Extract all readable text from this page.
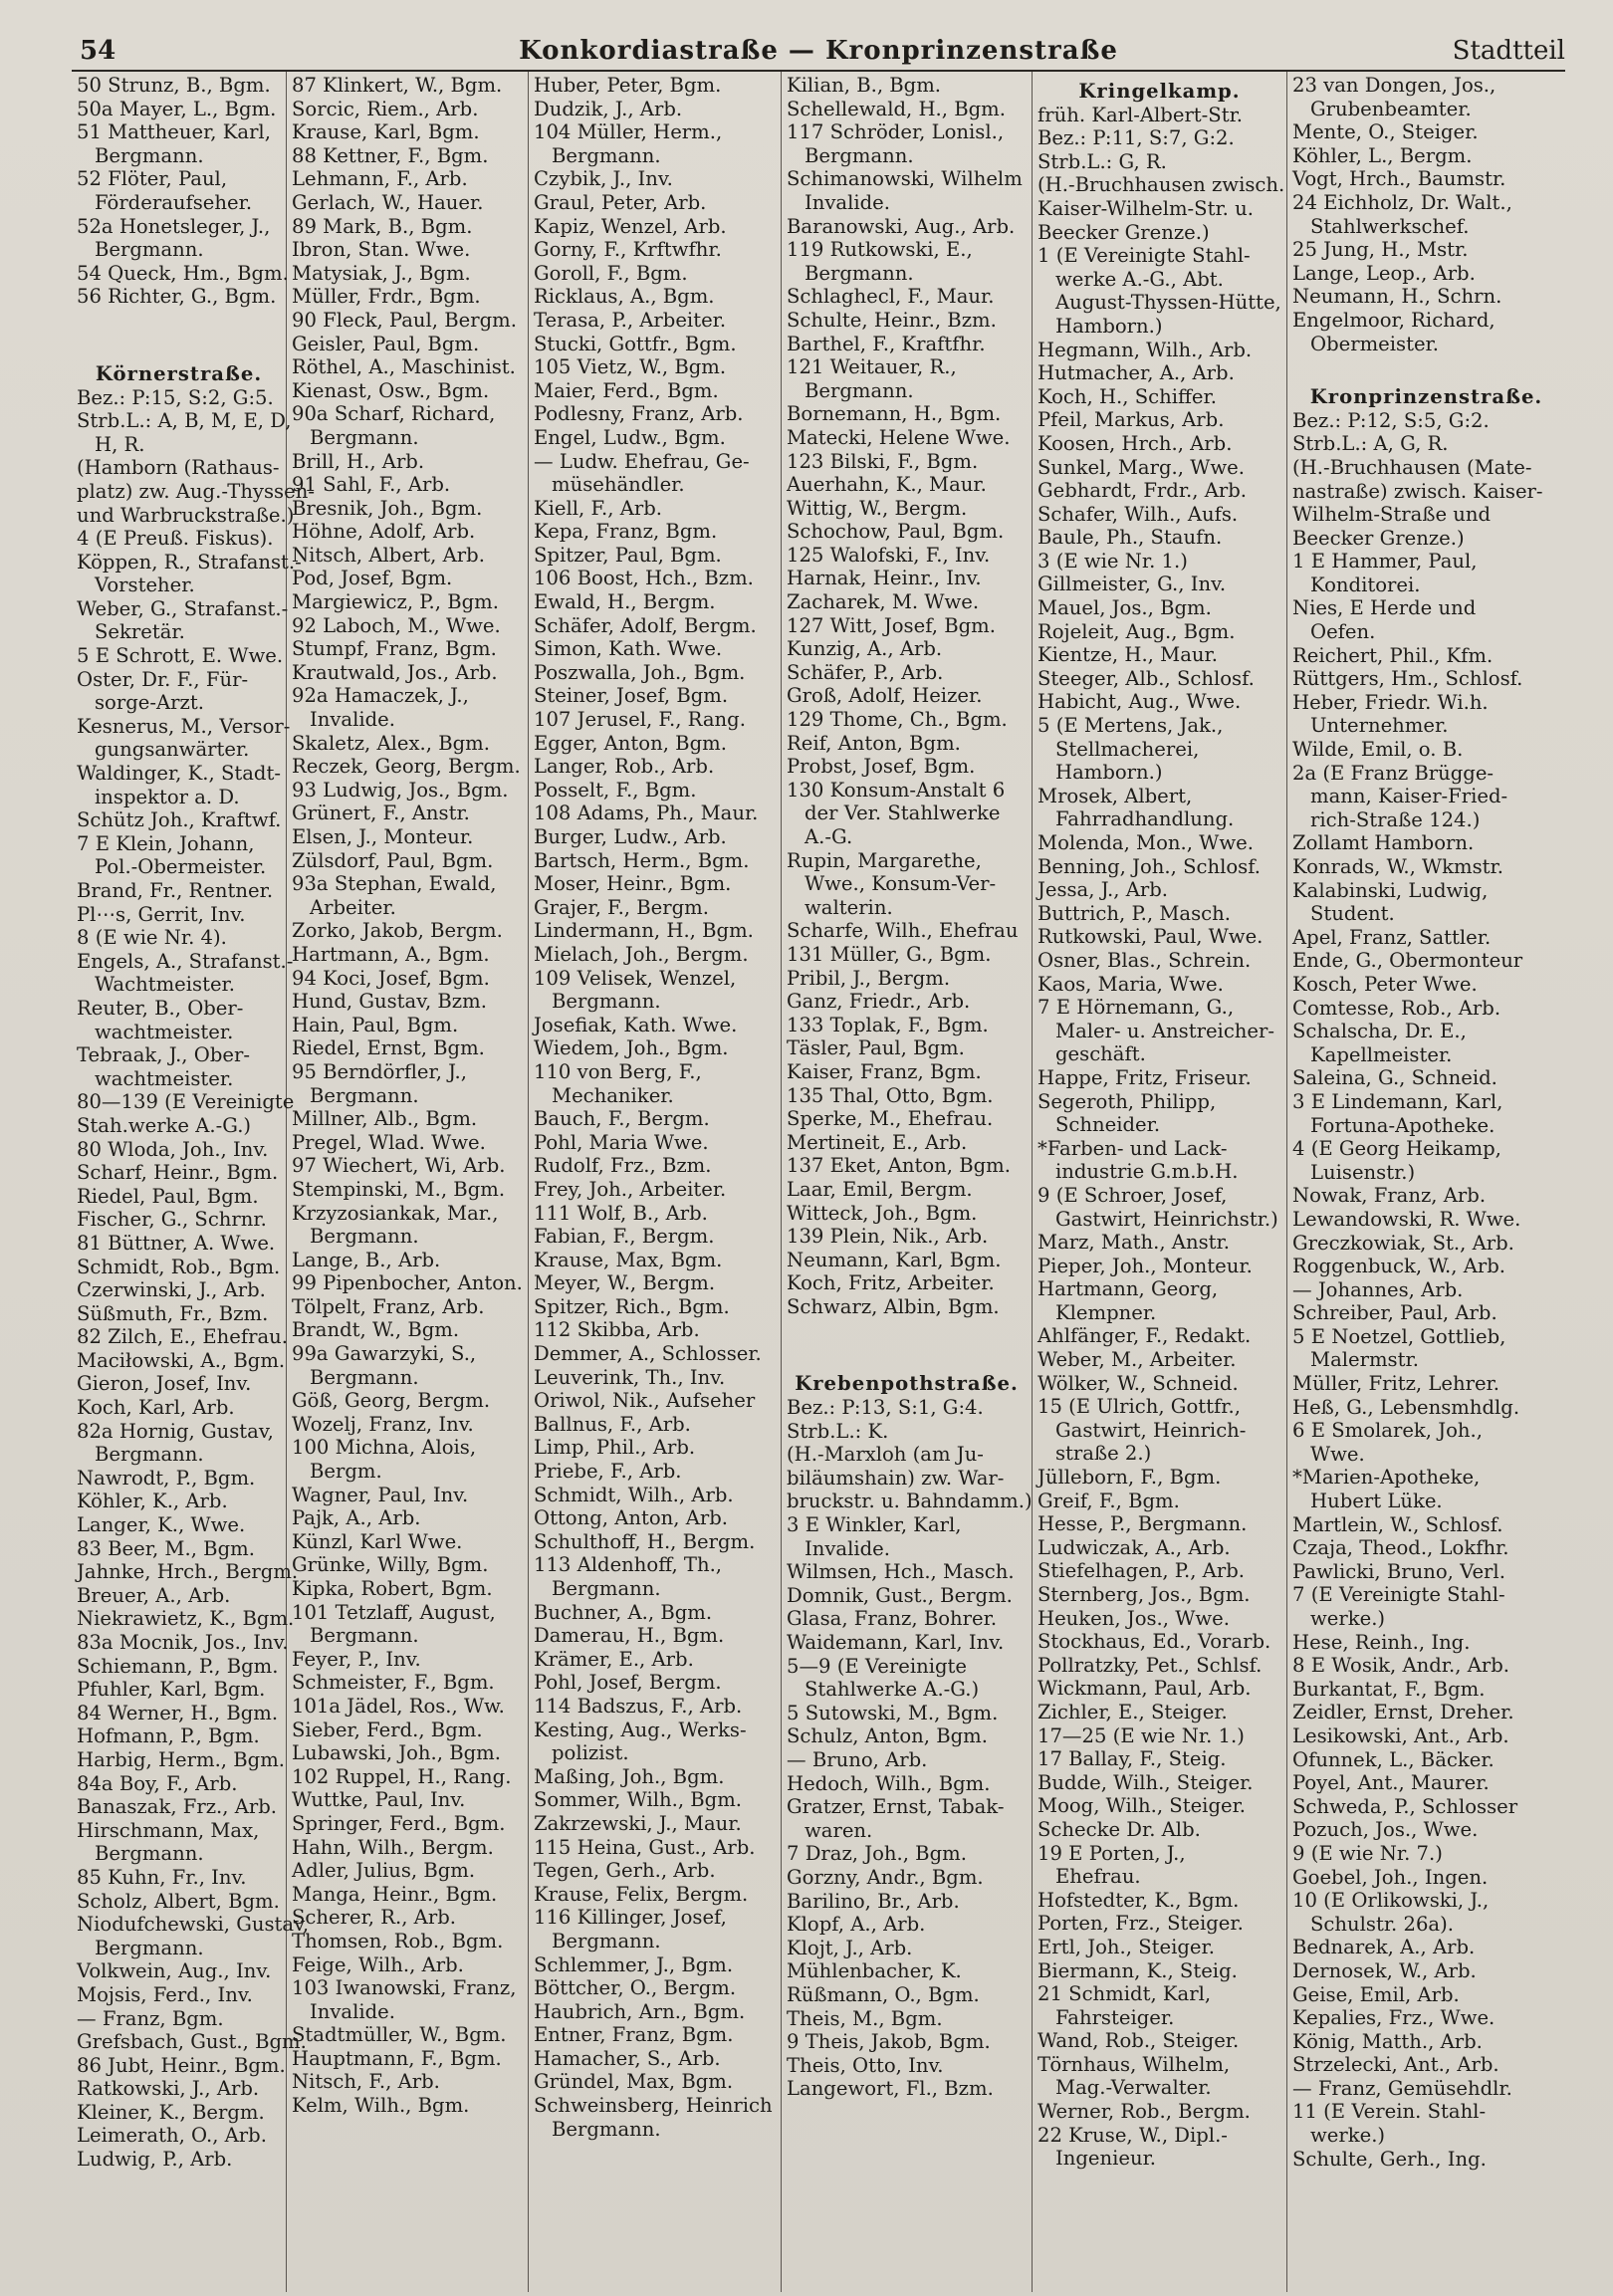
54	Konkordiastraße — Kronprinzenstraße	Stadtteil
50 Strunz, B., Bgm.
50a Mayer, L., Bgm.
51 Mattheuer, Karl,
Bergmann.
52 Flöter, Paul,
Förderaufseher.
52a Honetsleger, J.,
Bergmann.
54 Queck, Hm., Bgm.
56 Richter, G., Bgm.
Körnerstraße.
Bez.: P:15, S:2, G:5.
Strb.L.: A, B, M, E, D,
H, R.
(Hamborn (Rathaus-
platz) zw. Aug.-Thyssen-
und Warbruckstraße.)
4 (E Preuß. Fiskus).
Köppen, R., Strafanst.-
Vorsteher.
Weber, G., Strafanst.-
Sekretär.
5 E Schrott, E. Wwe.
Oster, Dr. F., Für-
sorge-Arzt.
Kesnerus, M., Versor-
gungsanwärter.
Waldinger, K., Stadt-
inspektor a. D.
Schütz Joh., Kraftwf.
7 E Klein, Johann,
Pol.-Obermeister.
Brand, Fr., Rentner.
Pl⋯s, Gerrit, Inv.
8 (E wie Nr. 4).
Engels, A., Strafanst.-
Wachtmeister.
Reuter, B., Ober-
wachtmeister.
Tebraak, J., Ober-
wachtmeister.
80—139 (E Vereinigte
Stah.werke A.-G.)
80 Wloda, Joh., Inv.
Scharf, Heinr., Bgm.
Riedel, Paul, Bgm.
Fischer, G., Schrnr.
81 Büttner, A. Wwe.
Schmidt, Rob., Bgm.
Czerwinski, J., Arb.
Süßmuth, Fr., Bzm.
82 Zilch, E., Ehefrau.
Maciłowski, A., Bgm.
Gieron, Josef, Inv.
Koch, Karl, Arb.
82a Hornig, Gustav,
Bergmann.
Nawrodt, P., Bgm.
Köhler, K., Arb.
Langer, K., Wwe.
83 Beer, M., Bgm.
Jahnke, Hrch., Bergm.
Breuer, A., Arb.
Niekrawietz, K., Bgm.
83a Mocnik, Jos., Inv.
Schiemann, P., Bgm.
Pfuhler, Karl, Bgm.
84 Werner, H., Bgm.
Hofmann, P., Bgm.
Harbig, Herm., Bgm.
84a Boy, F., Arb.
Banaszak, Frz., Arb.
Hirschmann, Max,
Bergmann.
85 Kuhn, Fr., Inv.
Scholz, Albert, Bgm.
Niodufchewski, Gustav,
Bergmann.
Volkwein, Aug., Inv.
Mojsis, Ferd., Inv.
— Franz, Bgm.
Grefsbach, Gust., Bgm.
86 Jubt, Heinr., Bgm.
Ratkowski, J., Arb.
Kleiner, K., Bergm.
Leimerath, O., Arb.
Ludwig, P., Arb.
87 Klinkert, W., Bgm.
Sorcic, Riem., Arb.
Krause, Karl, Bgm.
88 Kettner, F., Bgm.
Lehmann, F., Arb.
Gerlach, W., Hauer.
89 Mark, B., Bgm.
Ibron, Stan. Wwe.
Matysiak, J., Bgm.
Müller, Frdr., Bgm.
90 Fleck, Paul, Bergm.
Geisler, Paul, Bgm.
Röthel, A., Maschinist.
Kienast, Osw., Bgm.
90a Scharf, Richard,
Bergmann.
Brill, H., Arb.
91 Sahl, F., Arb.
Bresnik, Joh., Bgm.
Höhne, Adolf, Arb.
Nitsch, Albert, Arb.
Pod, Josef, Bgm.
Margiewicz, P., Bgm.
92 Laboch, M., Wwe.
Stumpf, Franz, Bgm.
Krautwald, Jos., Arb.
92a Hamaczek, J.,
Invalide.
Skaletz, Alex., Bgm.
Reczek, Georg, Bergm.
93 Ludwig, Jos., Bgm.
Grünert, F., Anstr.
Elsen, J., Monteur.
Zülsdorf, Paul, Bgm.
93a Stephan, Ewald,
Arbeiter.
Zorko, Jakob, Bergm.
Hartmann, A., Bgm.
94 Koci, Josef, Bgm.
Hund, Gustav, Bzm.
Hain, Paul, Bgm.
Riedel, Ernst, Bgm.
95 Berndörfler, J.,
Bergmann.
Millner, Alb., Bgm.
Pregel, Wlad. Wwe.
97 Wiechert, Wi, Arb.
Stempinski, M., Bgm.
Krzyzosiankak, Mar.,
Bergmann.
Lange, B., Arb.
99 Pipenbocher, Anton.
Tölpelt, Franz, Arb.
Brandt, W., Bgm.
99a Gawarzyki, S.,
Bergmann.
Göß, Georg, Bergm.
Wozelj, Franz, Inv.
100 Michna, Alois,
Bergm.
Wagner, Paul, Inv.
Pajk, A., Arb.
Künzl, Karl Wwe.
Grünke, Willy, Bgm.
Kipka, Robert, Bgm.
101 Tetzlaff, August,
Bergmann.
Feyer, P., Inv.
Schmeister, F., Bgm.
101a Jädel, Ros., Ww.
Sieber, Ferd., Bgm.
Lubawski, Joh., Bgm.
102 Ruppel, H., Rang.
Wuttke, Paul, Inv.
Springer, Ferd., Bgm.
Hahn, Wilh., Bergm.
Adler, Julius, Bgm.
Manga, Heinr., Bgm.
Scherer, R., Arb.
Thomsen, Rob., Bgm.
Feige, Wilh., Arb.
103 Iwanowski, Franz,
Invalide.
Stadtmüller, W., Bgm.
Hauptmann, F., Bgm.
Nitsch, F., Arb.
Kelm, Wilh., Bgm.
Huber, Peter, Bgm.
Dudzik, J., Arb.
104 Müller, Herm.,
Bergmann.
Czybik, J., Inv.
Graul, Peter, Arb.
Kapiz, Wenzel, Arb.
Gorny, F., Krftwfhr.
Goroll, F., Bgm.
Ricklaus, A., Bgm.
Terasa, P., Arbeiter.
Stucki, Gottfr., Bgm.
105 Vietz, W., Bgm.
Maier, Ferd., Bgm.
Podlesny, Franz, Arb.
Engel, Ludw., Bgm.
— Ludw. Ehefrau, Ge-
müsehändler.
Kiell, F., Arb.
Kepa, Franz, Bgm.
Spitzer, Paul, Bgm.
106 Boost, Hch., Bzm.
Ewald, H., Bergm.
Schäfer, Adolf, Bergm.
Simon, Kath. Wwe.
Poszwalla, Joh., Bgm.
Steiner, Josef, Bgm.
107 Jerusel, F., Rang.
Egger, Anton, Bgm.
Langer, Rob., Arb.
Posselt, F., Bgm.
108 Adams, Ph., Maur.
Burger, Ludw., Arb.
Bartsch, Herm., Bgm.
Moser, Heinr., Bgm.
Grajer, F., Bergm.
Lindermann, H., Bgm.
Mielach, Joh., Bergm.
109 Velisek, Wenzel,
Bergmann.
Josefiak, Kath. Wwe.
Wiedem, Joh., Bgm.
110 von Berg, F.,
Mechaniker.
Bauch, F., Bergm.
Pohl, Maria Wwe.
Rudolf, Frz., Bzm.
Frey, Joh., Arbeiter.
111 Wolf, B., Arb.
Fabian, F., Bergm.
Krause, Max, Bgm.
Meyer, W., Bergm.
Spitzer, Rich., Bgm.
112 Skibba, Arb.
Demmer, A., Schlosser.
Leuverink, Th., Inv.
Oriwol, Nik., Aufseher
Ballnus, F., Arb.
Limp, Phil., Arb.
Priebe, F., Arb.
Schmidt, Wilh., Arb.
Ottong, Anton, Arb.
Schulthoff, H., Bergm.
113 Aldenhoff, Th.,
Bergmann.
Buchner, A., Bgm.
Damerau, H., Bgm.
Krämer, E., Arb.
Pohl, Josef, Bergm.
114 Badszus, F., Arb.
Kesting, Aug., Werks-
polizist.
Maßing, Joh., Bgm.
Sommer, Wilh., Bgm.
Zakrzewski, J., Maur.
115 Heina, Gust., Arb.
Tegen, Gerh., Arb.
Krause, Felix, Bergm.
116 Killinger, Josef,
Bergmann.
Schlemmer, J., Bgm.
Böttcher, O., Bergm.
Haubrich, Arn., Bgm.
Entner, Franz, Bgm.
Hamacher, S., Arb.
Gründel, Max, Bgm.
Schweinsberg, Heinrich
Bergmann.
Kilian, B., Bgm.
Schellewald, H., Bgm.
117 Schröder, Lonisl.,
Bergmann.
Schimanowski, Wilhelm
Invalide.
Baranowski, Aug., Arb.
119 Rutkowski, E.,
Bergmann.
Schlaghecl, F., Maur.
Schulte, Heinr., Bzm.
Barthel, F., Kraftfhr.
121 Weitauer, R.,
Bergmann.
Bornemann, H., Bgm.
Matecki, Helene Wwe.
123 Bilski, F., Bgm.
Auerhahn, K., Maur.
Wittig, W., Bergm.
Schochow, Paul, Bgm.
125 Walofski, F., Inv.
Harnak, Heinr., Inv.
Zacharek, M. Wwe.
127 Witt, Josef, Bgm.
Kunzig, A., Arb.
Schäfer, P., Arb.
Groß, Adolf, Heizer.
129 Thome, Ch., Bgm.
Reif, Anton, Bgm.
Probst, Josef, Bgm.
130 Konsum-Anstalt 6
der Ver. Stahlwerke
A.-G.
Rupin, Margarethe,
Wwe., Konsum-Ver-
walterin.
Scharfe, Wilh., Ehefrau
131 Müller, G., Bgm.
Pribil, J., Bergm.
Ganz, Friedr., Arb.
133 Toplak, F., Bgm.
Täsler, Paul, Bgm.
Kaiser, Franz, Bgm.
135 Thal, Otto, Bgm.
Sperke, M., Ehefrau.
Mertineit, E., Arb.
137 Eket, Anton, Bgm.
Laar, Emil, Bergm.
Witteck, Joh., Bgm.
139 Plein, Nik., Arb.
Neumann, Karl, Bgm.
Koch, Fritz, Arbeiter.
Schwarz, Albin, Bgm.
Krebenpothstraße.
Bez.: P:13, S:1, G:4.
Strb.L.: K.
(H.-Marxloh (am Ju-
biläumshain) zw. War-
bruckstr. u. Bahndamm.)
3 E Winkler, Karl,
Invalide.
Wilmsen, Hch., Masch.
Domnik, Gust., Bergm.
Glasa, Franz, Bohrer.
Waidemann, Karl, Inv.
5—9 (E Vereinigte
Stahlwerke A.-G.)
5 Sutowski, M., Bgm.
Schulz, Anton, Bgm.
— Bruno, Arb.
Hedoch, Wilh., Bgm.
Gratzer, Ernst, Tabak-
waren.
7 Draz, Joh., Bgm.
Gorzny, Andr., Bgm.
Barilino, Br., Arb.
Klopf, A., Arb.
Klojt, J., Arb.
Mühlenbacher, K.
Rüßmann, O., Bgm.
Theis, M., Bgm.
9 Theis, Jakob, Bgm.
Theis, Otto, Inv.
Langewort, Fl., Bzm.
Kringelkamp.
früh. Karl-Albert-Str.
Bez.: P:11, S:7, G:2.
Strb.L.: G, R.
(H.-Bruchhausen zwisch.
Kaiser-Wilhelm-Str. u.
Beecker Grenze.)
1 (E Vereinigte Stahl-
werke A.-G., Abt.
August-Thyssen-Hütte,
Hamborn.)
Hegmann, Wilh., Arb.
Hutmacher, A., Arb.
Koch, H., Schiffer.
Pfeil, Markus, Arb.
Koosen, Hrch., Arb.
Sunkel, Marg., Wwe.
Gebhardt, Frdr., Arb.
Schafer, Wilh., Aufs.
Baule, Ph., Staufn.
3 (E wie Nr. 1.)
Gillmeister, G., Inv.
Mauel, Jos., Bgm.
Rojeleit, Aug., Bgm.
Kientze, H., Maur.
Steeger, Alb., Schlosf.
Habicht, Aug., Wwe.
5 (E Mertens, Jak.,
Stellmacherei,
Hamborn.)
Mrosek, Albert,
Fahrradhandlung.
Molenda, Mon., Wwe.
Benning, Joh., Schlosf.
Jessa, J., Arb.
Buttrich, P., Masch.
Rutkowski, Paul, Wwe.
Osner, Blas., Schrein.
Kaos, Maria, Wwe.
7 E Hörnemann, G.,
Maler- u. Anstreicher-
geschäft.
Happe, Fritz, Friseur.
Segeroth, Philipp,
Schneider.
*Farben- und Lack-
industrie G.m.b.H.
9 (E Schroer, Josef,
Gastwirt, Heinrichstr.)
Marz, Math., Anstr.
Pieper, Joh., Monteur.
Hartmann, Georg,
Klempner.
Ahlfänger, F., Redakt.
Weber, M., Arbeiter.
Wölker, W., Schneid.
15 (E Ulrich, Gottfr.,
Gastwirt, Heinrich-
straße 2.)
Jülleborn, F., Bgm.
Greif, F., Bgm.
Hesse, P., Bergmann.
Ludwiczak, A., Arb.
Stiefelhagen, P., Arb.
Sternberg, Jos., Bgm.
Heuken, Jos., Wwe.
Stockhaus, Ed., Vorarb.
Pollratzky, Pet., Schlsf.
Wickmann, Paul, Arb.
Zichler, E., Steiger.
17—25 (E wie Nr. 1.)
17 Ballay, F., Steig.
Budde, Wilh., Steiger.
Moog, Wilh., Steiger.
Schecke Dr. Alb.
19 E Porten, J.,
Ehefrau.
Hofstedter, K., Bgm.
Porten, Frz., Steiger.
Ertl, Joh., Steiger.
Biermann, K., Steig.
21 Schmidt, Karl,
Fahrsteiger.
Wand, Rob., Steiger.
Törnhaus, Wilhelm,
Mag.-Verwalter.
Werner, Rob., Bergm.
22 Kruse, W., Dipl.-
Ingenieur.
23 van Dongen, Jos.,
Grubenbeamter.
Mente, O., Steiger.
Köhler, L., Bergm.
Vogt, Hrch., Baumstr.
24 Eichholz, Dr. Walt.,
Stahlwerkschef.
25 Jung, H., Mstr.
Lange, Leop., Arb.
Neumann, H., Schrn.
Engelmoor, Richard,
Obermeister.
Kronprinzenstraße.
Bez.: P:12, S:5, G:2.
Strb.L.: A, G, R.
(H.-Bruchhausen (Mate-
nastraße) zwisch. Kaiser-
Wilhelm-Straße und
Beecker Grenze.)
1 E Hammer, Paul,
Konditorei.
Nies, E Herde und
Oefen.
Reichert, Phil., Kfm.
Rüttgers, Hm., Schlosf.
Heber, Friedr. Wi.h.
Unternehmer.
Wilde, Emil, o. B.
2a (E Franz Brügge-
mann, Kaiser-Fried-
rich-Straße 124.)
Zollamt Hamborn.
Konrads, W., Wkmstr.
Kalabinski, Ludwig,
Student.
Apel, Franz, Sattler.
Ende, G., Obermonteur
Kosch, Peter Wwe.
Comtesse, Rob., Arb.
Schalscha, Dr. E.,
Kapellmeister.
Saleina, G., Schneid.
3 E Lindemann, Karl,
Fortuna-Apotheke.
4 (E Georg Heikamp,
Luisenstr.)
Nowak, Franz, Arb.
Lewandowski, R. Wwe.
Greczkowiak, St., Arb.
Roggenbuck, W., Arb.
— Johannes, Arb.
Schreiber, Paul, Arb.
5 E Noetzel, Gottlieb,
Malermstr.
Müller, Fritz, Lehrer.
Heß, G., Lebensmhdlg.
6 E Smolarek, Joh.,
Wwe.
*Marien-Apotheke,
Hubert Lüke.
Martlein, W., Schlosf.
Czaja, Theod., Lokfhr.
Pawlicki, Bruno, Verl.
7 (E Vereinigte Stahl-
werke.)
Hese, Reinh., Ing.
8 E Wosik, Andr., Arb.
Burkantat, F., Bgm.
Zeidler, Ernst, Dreher.
Lesikowski, Ant., Arb.
Ofunnek, L., Bäcker.
Poyel, Ant., Maurer.
Schweda, P., Schlosser
Pozuch, Jos., Wwe.
9 (E wie Nr. 7.)
Goebel, Joh., Ingen.
10 (E Orlikowski, J.,
Schulstr. 26a).
Bednarek, A., Arb.
Dernosek, W., Arb.
Geise, Emil, Arb.
Kepalies, Frz., Wwe.
König, Matth., Arb.
Strzelecki, Ant., Arb.
— Franz, Gemüsehdlr.
11 (E Verein. Stahl-
werke.)
Schulte, Gerh., Ing.
